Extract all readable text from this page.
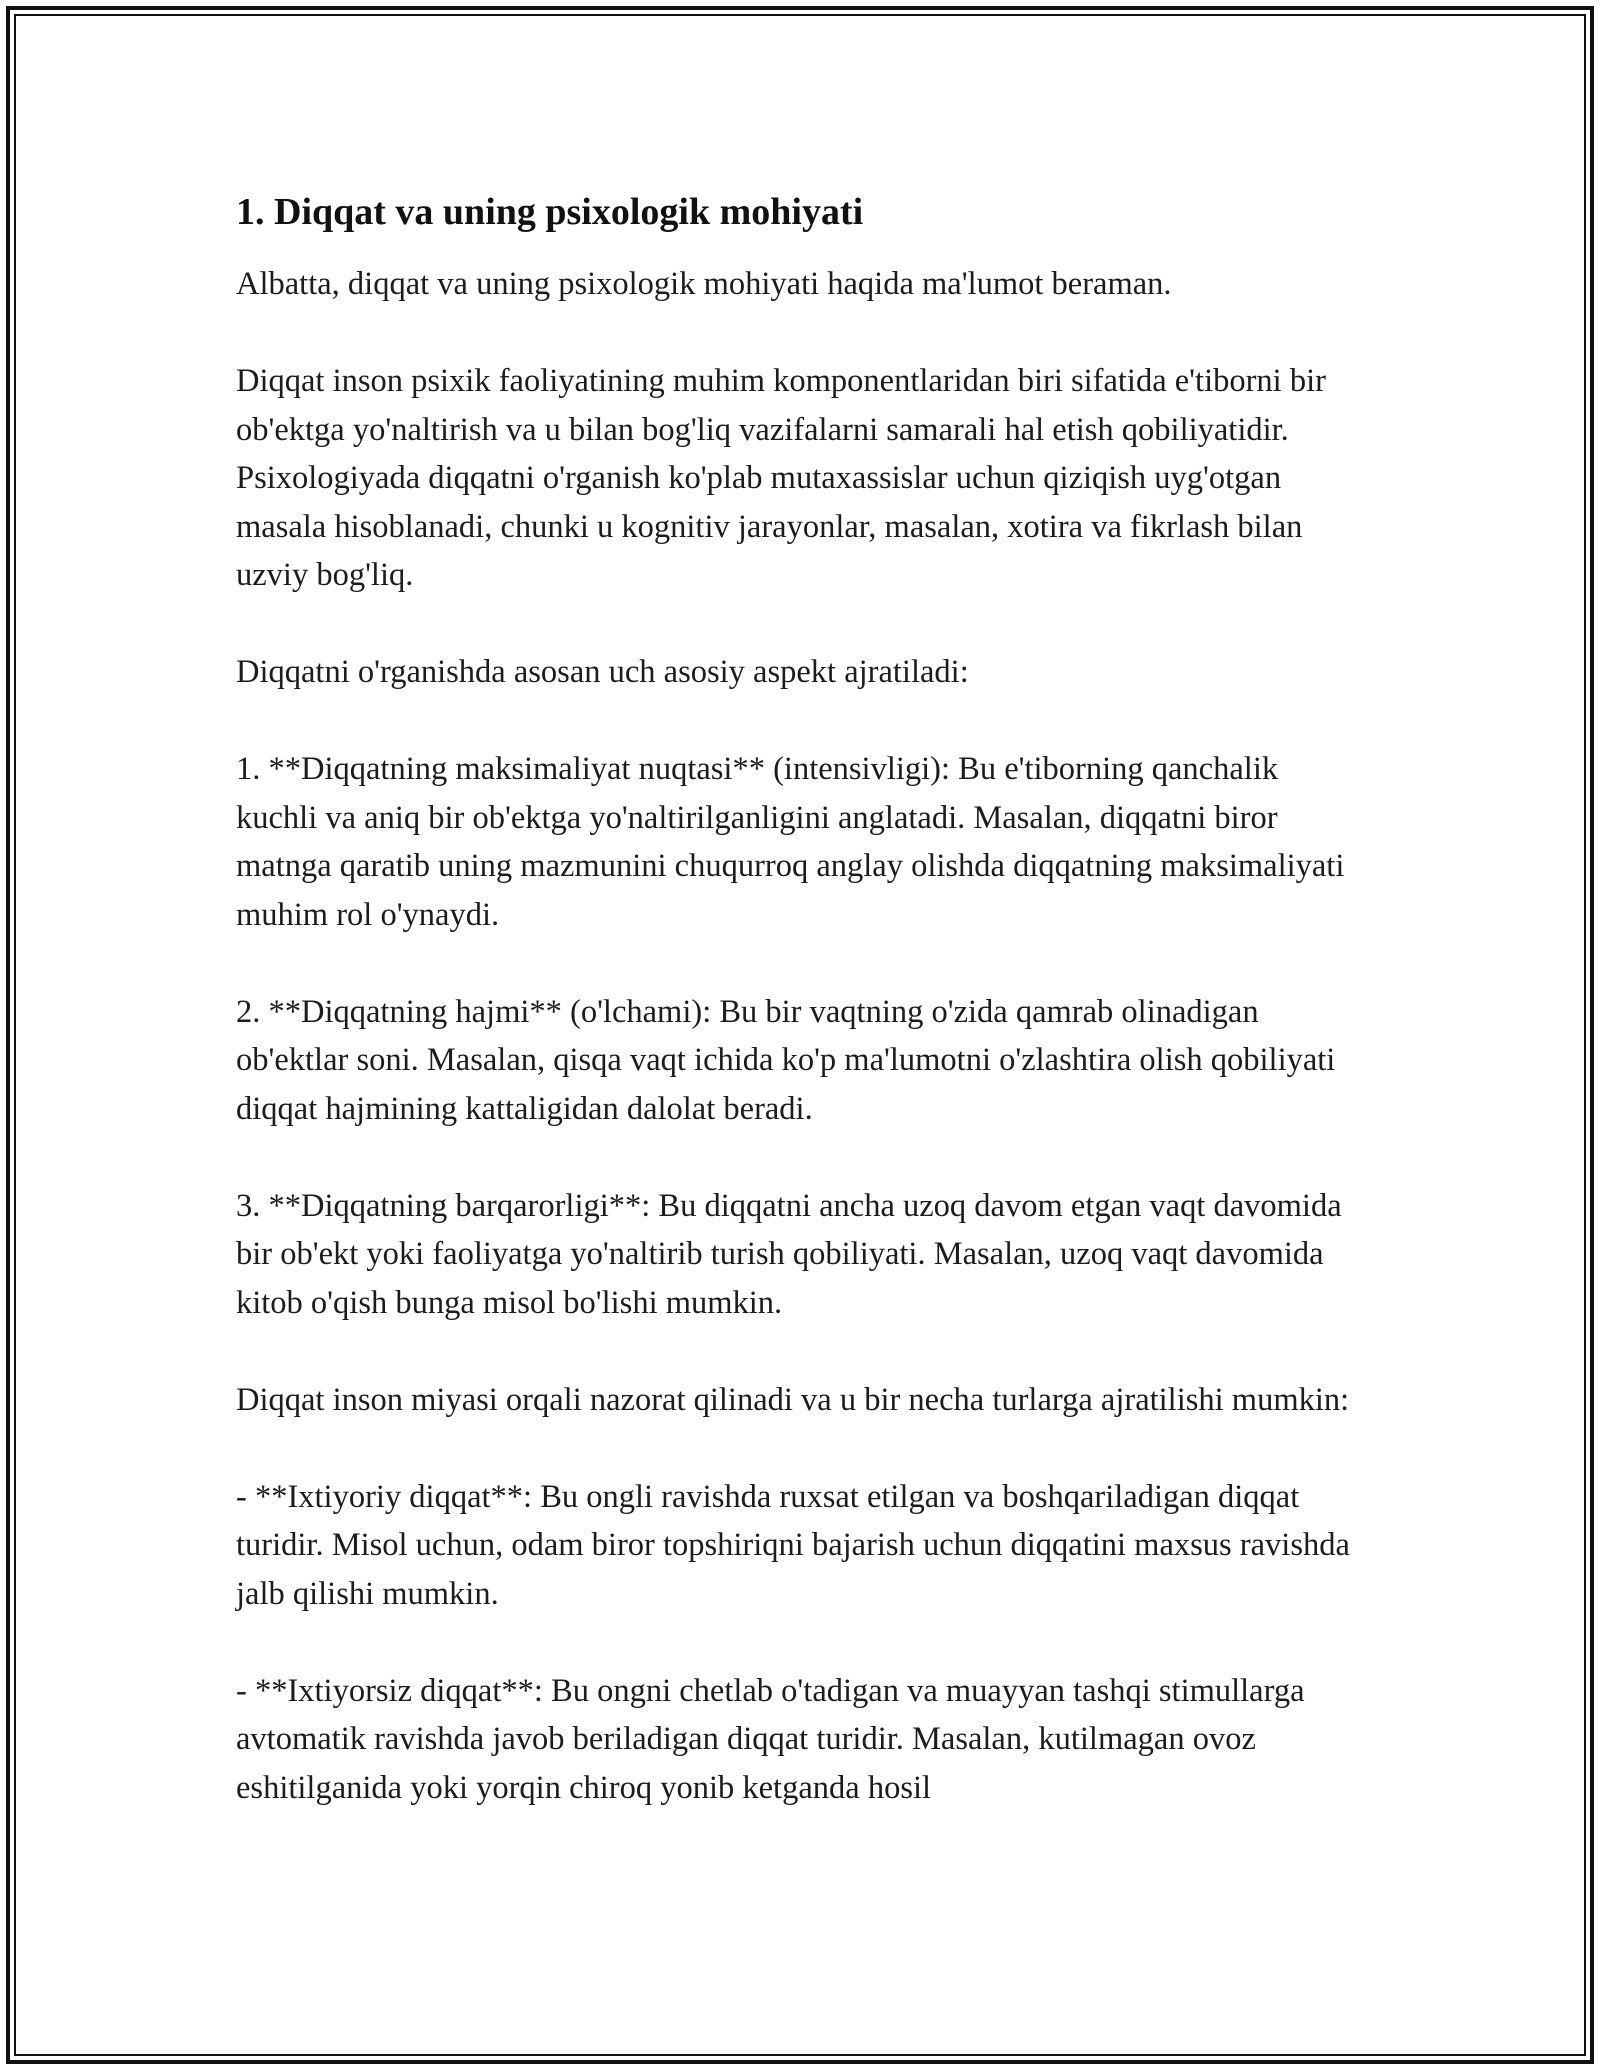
1. Diqqat va uning psixologik mohiyati

Albatta, diqqat va uning psixologik mohiyati haqida ma'lumot beraman.

Diqqat inson psixik faoliyatining muhim komponentlaridan biri sifatida e'tiborni bir ob'ektga yo'naltirish va u bilan bog'liq vazifalarni samarali hal etish qobiliyatidir. Psixologiyada diqqatni o'rganish ko'plab mutaxassislar uchun qiziqish uyg'otgan masala hisoblanadi, chunki u kognitiv jarayonlar, masalan, xotira va fikrlash bilan uzviy bog'liq.

Diqqatni o'rganishda asosan uch asosiy aspekt ajratiladi:

1. **Diqqatning maksimaliyat nuqtasi** (intensivligi): Bu e'tiborning qanchalik kuchli va aniq bir ob'ektga yo'naltirilganligini anglatadi. Masalan, diqqatni biror matnga qaratib uning mazmunini chuqurroq anglay olishda diqqatning maksimaliyati muhim rol o'ynaydi.

2. **Diqqatning hajmi** (o'lchami): Bu bir vaqtning o'zida qamrab olinadigan ob'ektlar soni. Masalan, qisqa vaqt ichida ko'p ma'lumotni o'zlashtira olish qobiliyati diqqat hajmining kattaligidan dalolat beradi.

3. **Diqqatning barqarorligi**: Bu diqqatni ancha uzoq davom etgan vaqt davomida bir ob'ekt yoki faoliyatga yo'naltirib turish qobiliyati. Masalan, uzoq vaqt davomida kitob o'qish bunga misol bo'lishi mumkin.

Diqqat inson miyasi orqali nazorat qilinadi va u bir necha turlarga ajratilishi mumkin:

- **Ixtiyoriy diqqat**: Bu ongli ravishda ruxsat etilgan va boshqariladigan diqqat turidir. Misol uchun, odam biror topshiriqni bajarish uchun diqqatini maxsus ravishda jalb qilishi mumkin.

- **Ixtiyorsiz diqqat**: Bu ongni chetlab o'tadigan va muayyan tashqi stimullarga avtomatik ravishda javob beriladigan diqqat turidir. Masalan, kutilmagan ovoz eshitilganida yoki yorqin chiroq yonib ketganda hosil
